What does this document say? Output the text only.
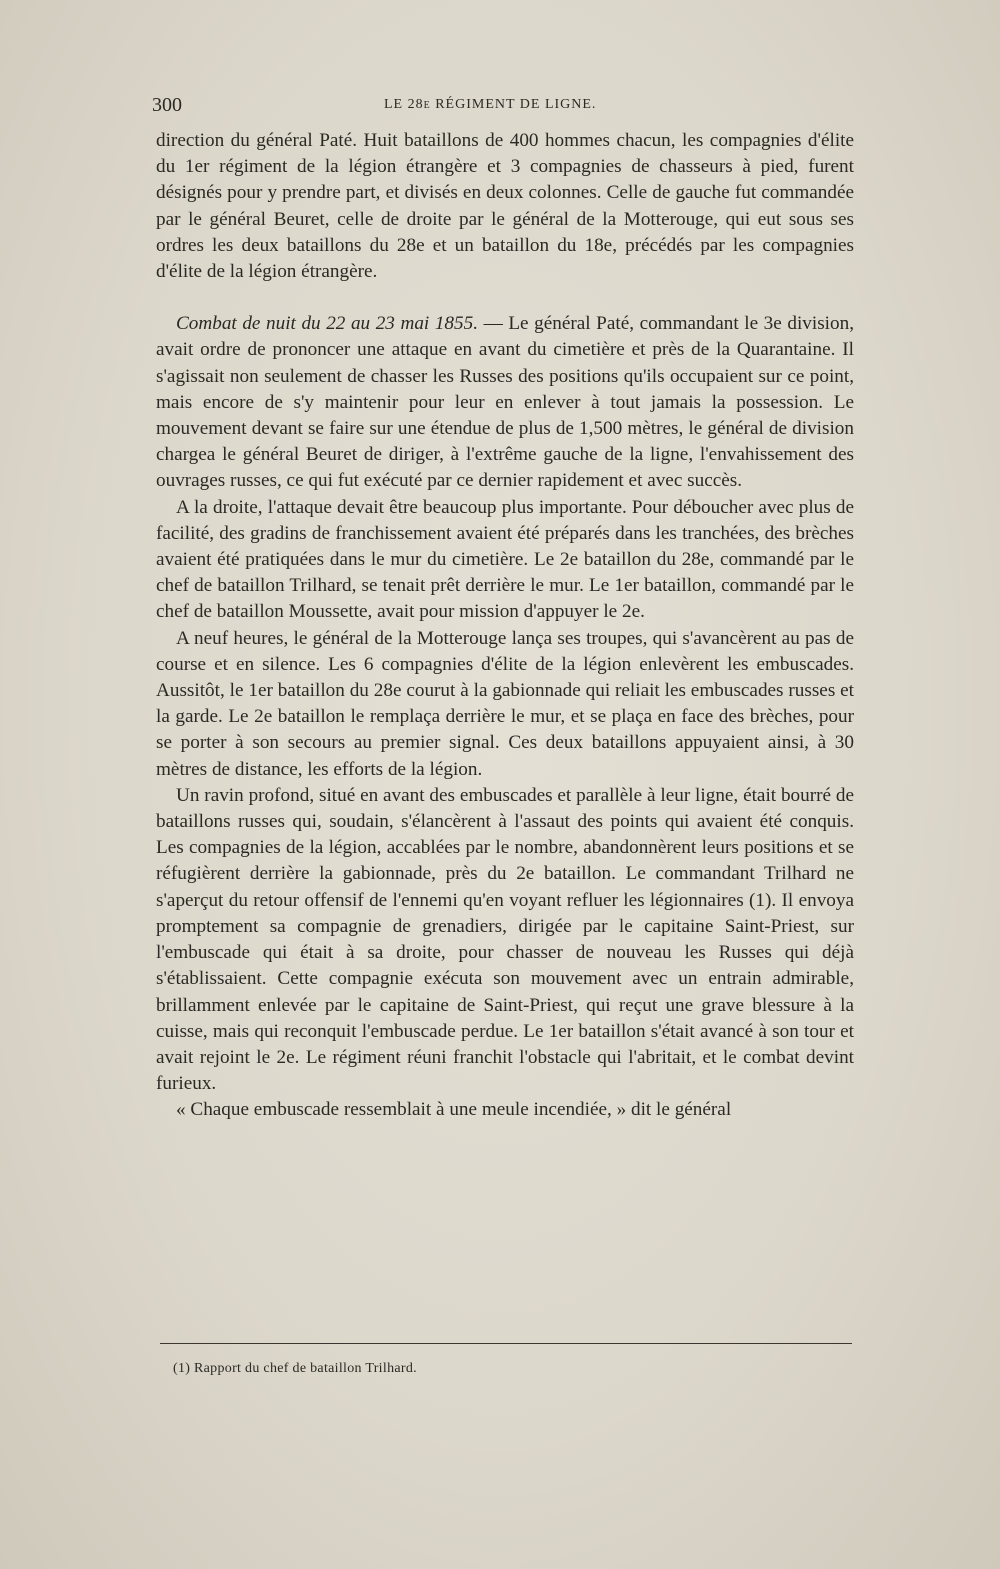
300	LE 28e RÉGIMENT DE LIGNE.

direction du général Paté. Huit bataillons de 400 hommes chacun, les compagnies d'élite du 1er régiment de la légion étrangère et 3 compagnies de chasseurs à pied, furent désignés pour y prendre part, et divisés en deux colonnes. Celle de gauche fut commandée par le général Beuret, celle de droite par le général de la Motterouge, qui eut sous ses ordres les deux bataillons du 28e et un bataillon du 18e, précédés par les compagnies d'élite de la légion étrangère.

Combat de nuit du 22 au 23 mai 1855. — Le général Paté, commandant le 3e division, avait ordre de prononcer une attaque en avant du cimetière et près de la Quarantaine. Il s'agissait non seulement de chasser les Russes des positions qu'ils occupaient sur ce point, mais encore de s'y maintenir pour leur en enlever à tout jamais la possession. Le mouvement devant se faire sur une étendue de plus de 1,500 mètres, le général de division chargea le général Beuret de diriger, à l'extrême gauche de la ligne, l'envahissement des ouvrages russes, ce qui fut exécuté par ce dernier rapidement et avec succès.

A la droite, l'attaque devait être beaucoup plus importante. Pour déboucher avec plus de facilité, des gradins de franchissement avaient été préparés dans les tranchées, des brèches avaient été pratiquées dans le mur du cimetière. Le 2e bataillon du 28e, commandé par le chef de bataillon Trilhard, se tenait prêt derrière le mur. Le 1er bataillon, commandé par le chef de bataillon Moussette, avait pour mission d'appuyer le 2e.

A neuf heures, le général de la Motterouge lança ses troupes, qui s'avancèrent au pas de course et en silence. Les 6 compagnies d'élite de la légion enlevèrent les embuscades. Aussitôt, le 1er bataillon du 28e courut à la gabionnade qui reliait les embuscades russes et la garde. Le 2e bataillon le remplaça derrière le mur, et se plaça en face des brèches, pour se porter à son secours au premier signal. Ces deux bataillons appuyaient ainsi, à 30 mètres de distance, les efforts de la légion.

Un ravin profond, situé en avant des embuscades et parallèle à leur ligne, était bourré de bataillons russes qui, soudain, s'élancèrent à l'assaut des points qui avaient été conquis. Les compagnies de la légion, accablées par le nombre, abandonnèrent leurs positions et se réfugièrent derrière la gabionnade, près du 2e bataillon. Le commandant Trilhard ne s'aperçut du retour offensif de l'ennemi qu'en voyant refluer les légionnaires (1). Il envoya promptement sa compagnie de grenadiers, dirigée par le capitaine Saint-Priest, sur l'embuscade qui était à sa droite, pour chasser de nouveau les Russes qui déjà s'établissaient. Cette compagnie exécuta son mouvement avec un entrain admirable, brillamment enlevée par le capitaine de Saint-Priest, qui reçut une grave blessure à la cuisse, mais qui reconquit l'embuscade perdue. Le 1er bataillon s'était avancé à son tour et avait rejoint le 2e. Le régiment réuni franchit l'obstacle qui l'abritait, et le combat devint furieux.

« Chaque embuscade ressemblait à une meule incendiée, » dit le général

(1) Rapport du chef de bataillon Trilhard.
